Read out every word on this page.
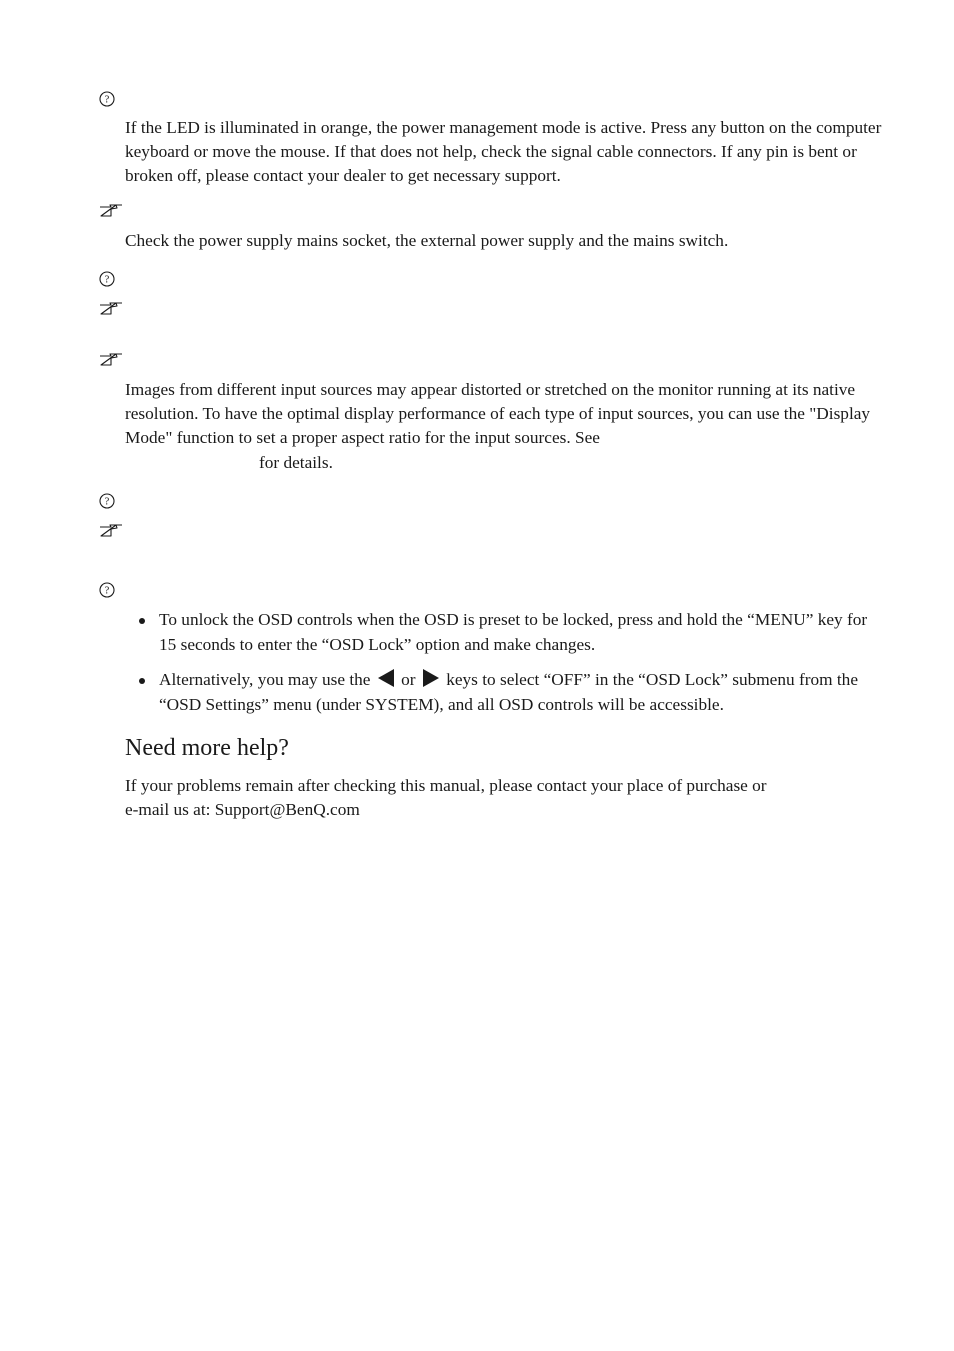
?

If the LED is illuminated in orange, the power management mode is active. Press any button on the computer keyboard or move the mouse. If that does not help, check the signal cable connectors. If any pin is bent or broken off, please contact your dealer to get necessary support.

Check the power supply mains socket, the external power supply and the mains switch.

?

Images from different input sources may appear distorted or stretched on the monitor running at its native resolution. To have the optimal display performance of each type of input sources, you can use the "Display Mode" function to set a proper aspect ratio for the input sources. See
for details.

?
?
To unlock the OSD controls when the OSD is preset to be locked, press and hold the “MENU” key for 15 seconds to enter the “OSD Lock” option and make changes.
Alternatively, you may use the or keys to select “OFF” in the “OSD Lock” submenu from the “OSD Settings” menu (under SYSTEM), and all OSD controls will be accessible.
Need more help?

If your problems remain after checking this manual, please contact your place of purchase or
e-mail us at: Support@BenQ.com
